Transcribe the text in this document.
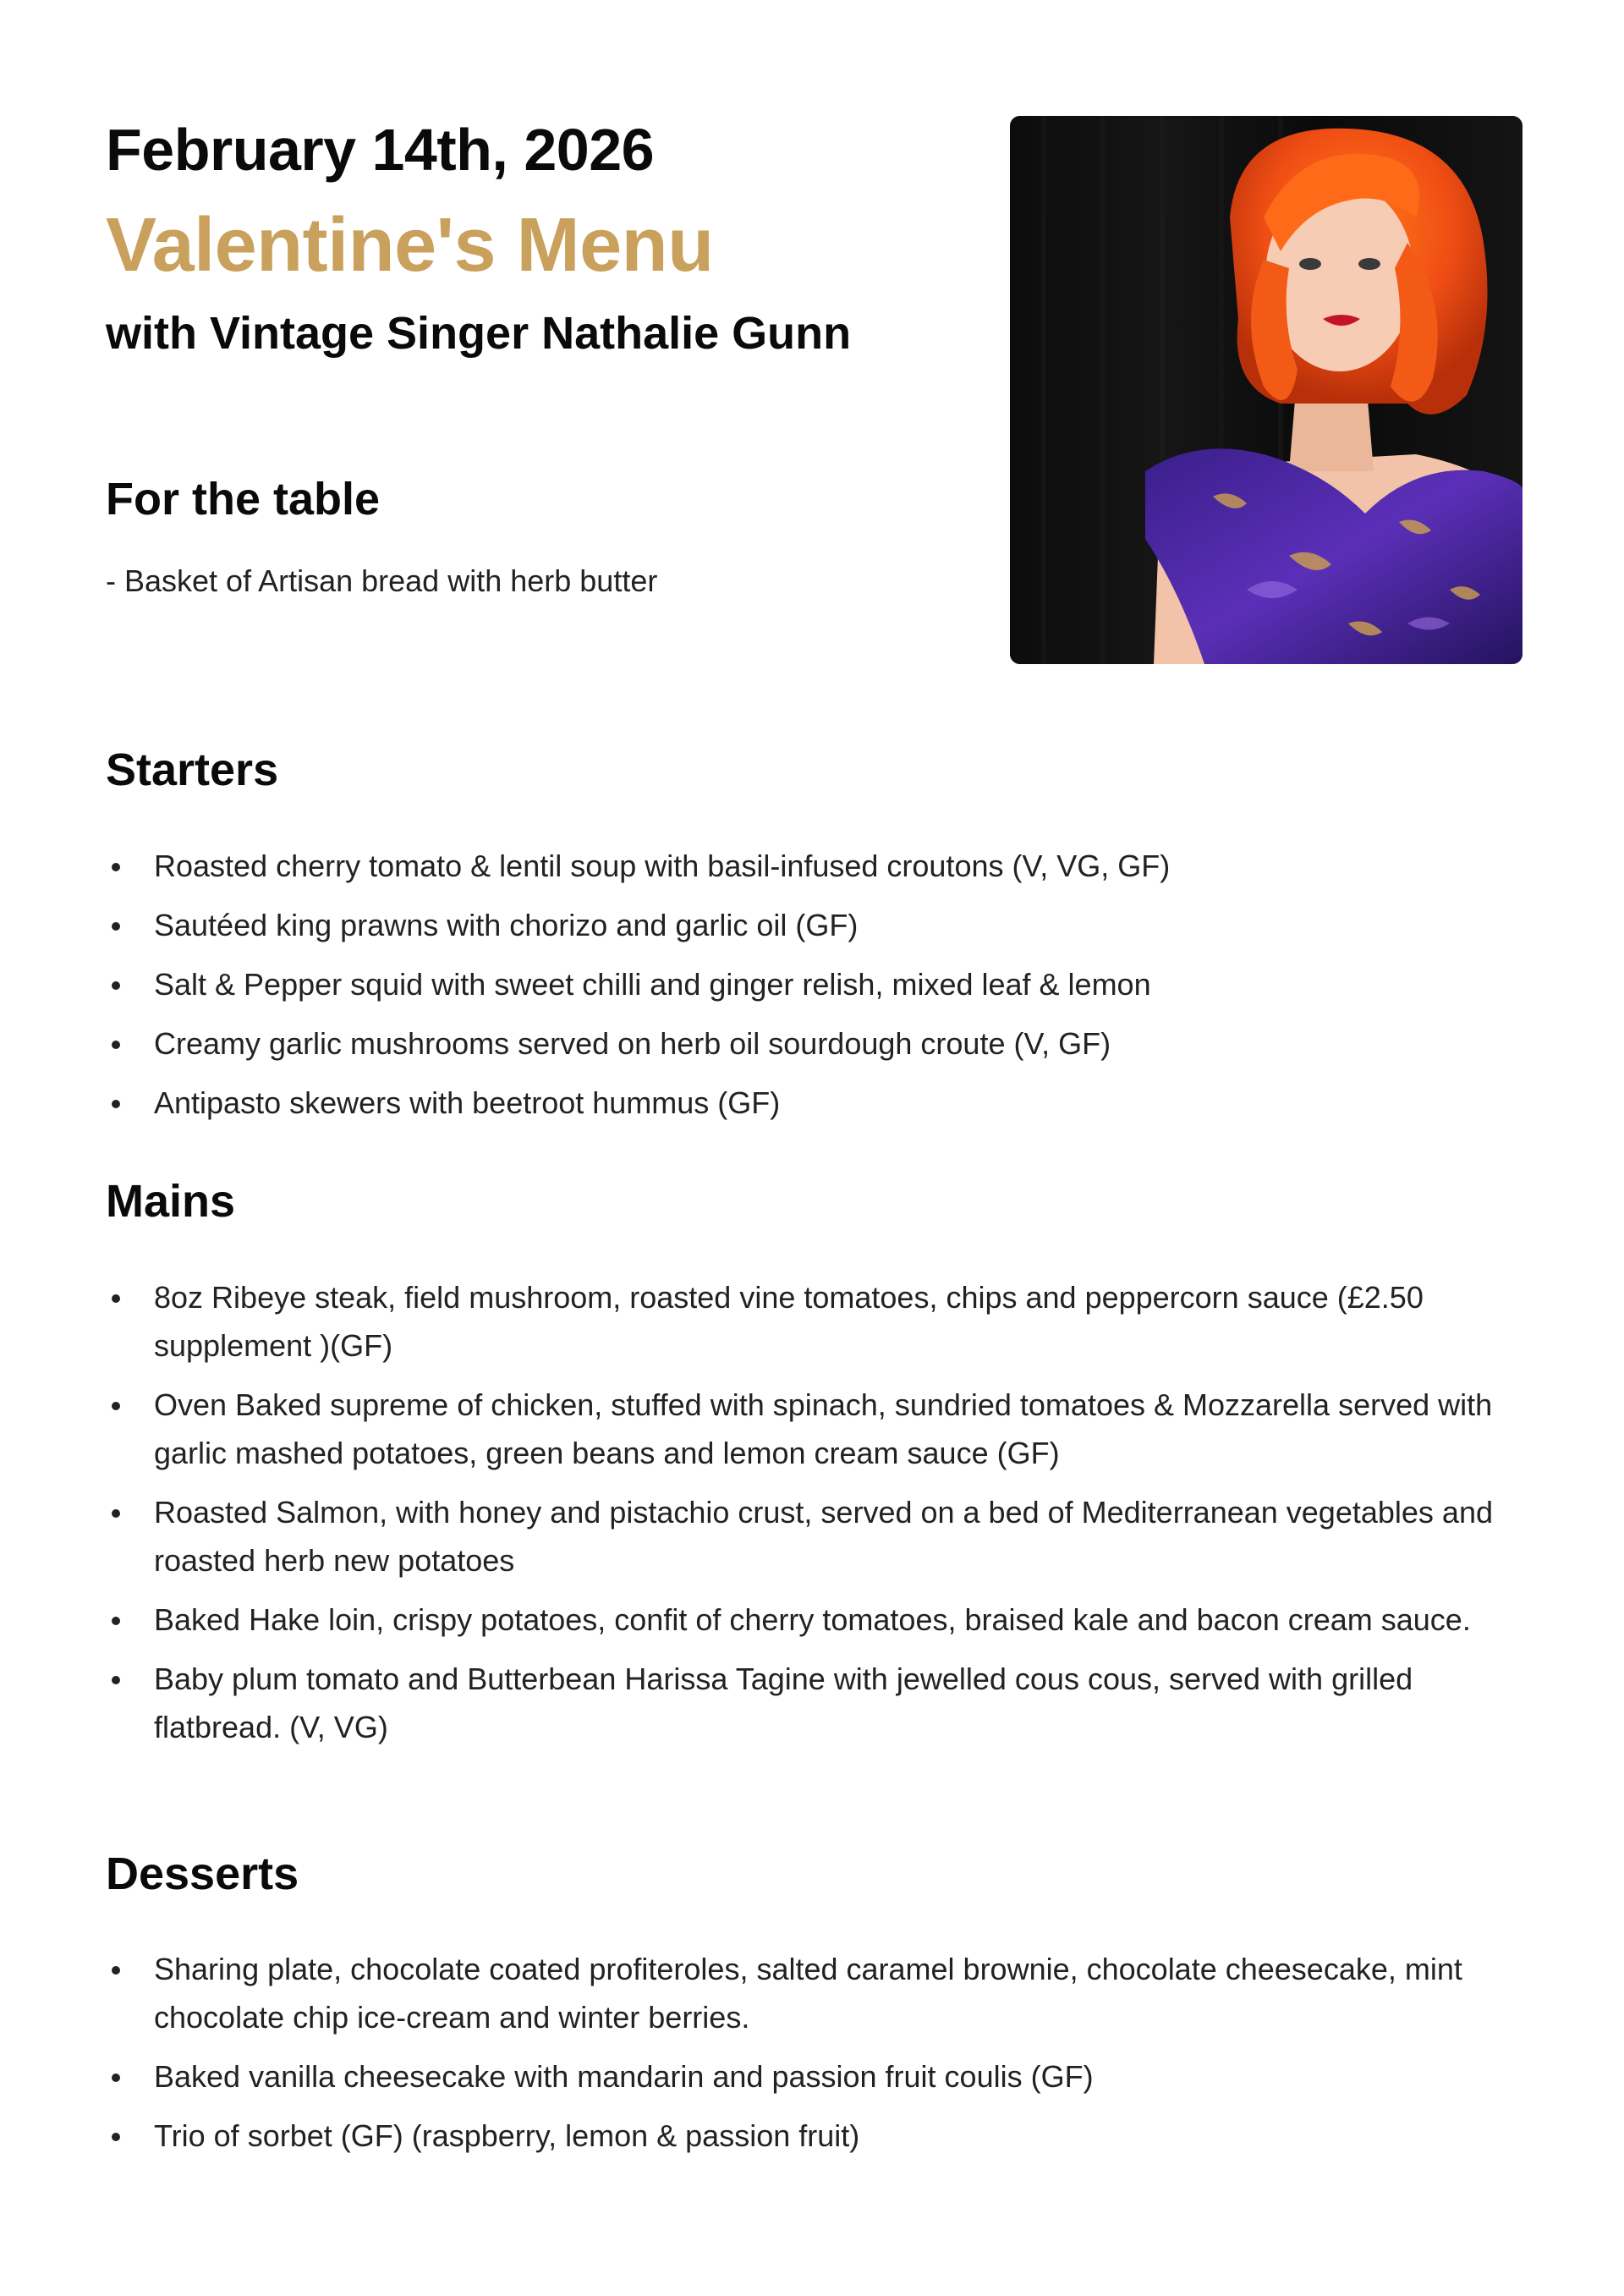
February 14th, 2026
Valentine's Menu
with Vintage Singer Nathalie Gunn
For the table
- Basket of Artisan bread with herb butter
Starters
Roasted cherry tomato & lentil soup with basil-infused croutons (V, VG, GF)
Sautéed king prawns with chorizo and garlic oil (GF)
Salt & Pepper squid with sweet chilli and ginger relish, mixed leaf & lemon
Creamy garlic mushrooms served on herb oil sourdough croute (V, GF)
Antipasto skewers with beetroot hummus (GF)
Mains
8oz Ribeye steak, field mushroom, roasted vine tomatoes, chips and peppercorn sauce (£2.50 supplement )(GF)
Oven Baked supreme of chicken, stuffed with spinach, sundried tomatoes & Mozzarella served with garlic mashed potatoes, green beans and lemon cream sauce (GF)
Roasted Salmon, with honey and pistachio crust, served on a bed of Mediterranean vegetables and roasted herb new potatoes
Baked Hake loin, crispy potatoes, confit of cherry tomatoes, braised kale and bacon cream sauce.
Baby plum tomato and Butterbean Harissa Tagine with jewelled cous cous, served with grilled flatbread. (V, VG)
Desserts
Sharing plate, chocolate coated profiteroles, salted caramel brownie, chocolate cheesecake, mint chocolate chip ice-cream and winter berries.
Baked vanilla cheesecake with mandarin and passion fruit coulis (GF)
Trio of sorbet (GF) (raspberry, lemon & passion fruit)
